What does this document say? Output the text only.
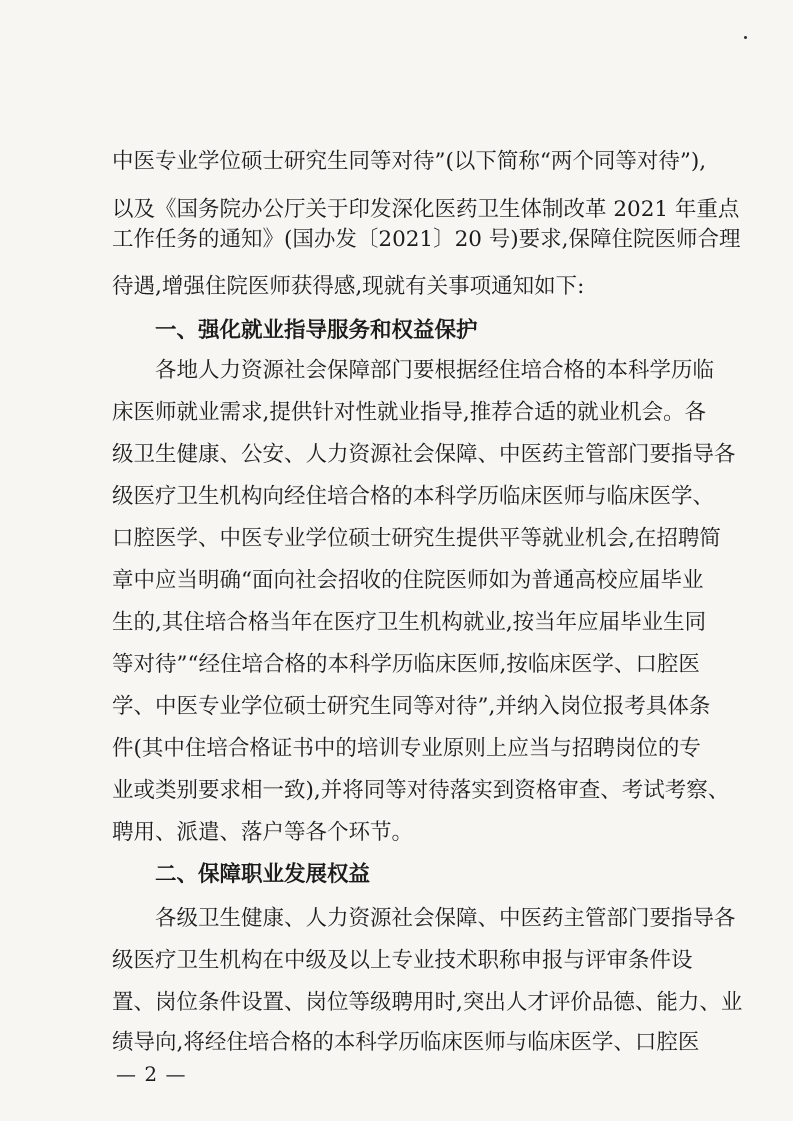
中医专业学位硕士研究生同等对待”(以下简称“两个同等对待”),
以及《国务院办公厅关于印发深化医药卫生体制改革 2021 年重点
工作任务的通知》(国办发〔2021〕20 号)要求,保障住院医师合理
待遇,增强住院医师获得感,现就有关事项通知如下:
一、强化就业指导服务和权益保护
各地人力资源社会保障部门要根据经住培合格的本科学历临
床医师就业需求,提供针对性就业指导,推荐合适的就业机会。各
级卫生健康、公安、人力资源社会保障、中医药主管部门要指导各
级医疗卫生机构向经住培合格的本科学历临床医师与临床医学、
口腔医学、中医专业学位硕士研究生提供平等就业机会,在招聘简
章中应当明确“面向社会招收的住院医师如为普通高校应届毕业
生的,其住培合格当年在医疗卫生机构就业,按当年应届毕业生同
等对待”“经住培合格的本科学历临床医师,按临床医学、口腔医
学、中医专业学位硕士研究生同等对待”,并纳入岗位报考具体条
件(其中住培合格证书中的培训专业原则上应当与招聘岗位的专
业或类别要求相一致),并将同等对待落实到资格审查、考试考察、
聘用、派遣、落户等各个环节。
二、保障职业发展权益
各级卫生健康、人力资源社会保障、中医药主管部门要指导各
级医疗卫生机构在中级及以上专业技术职称申报与评审条件设
置、岗位条件设置、岗位等级聘用时,突出人才评价品德、能力、业
绩导向,将经住培合格的本科学历临床医师与临床医学、口腔医
— 2 —
